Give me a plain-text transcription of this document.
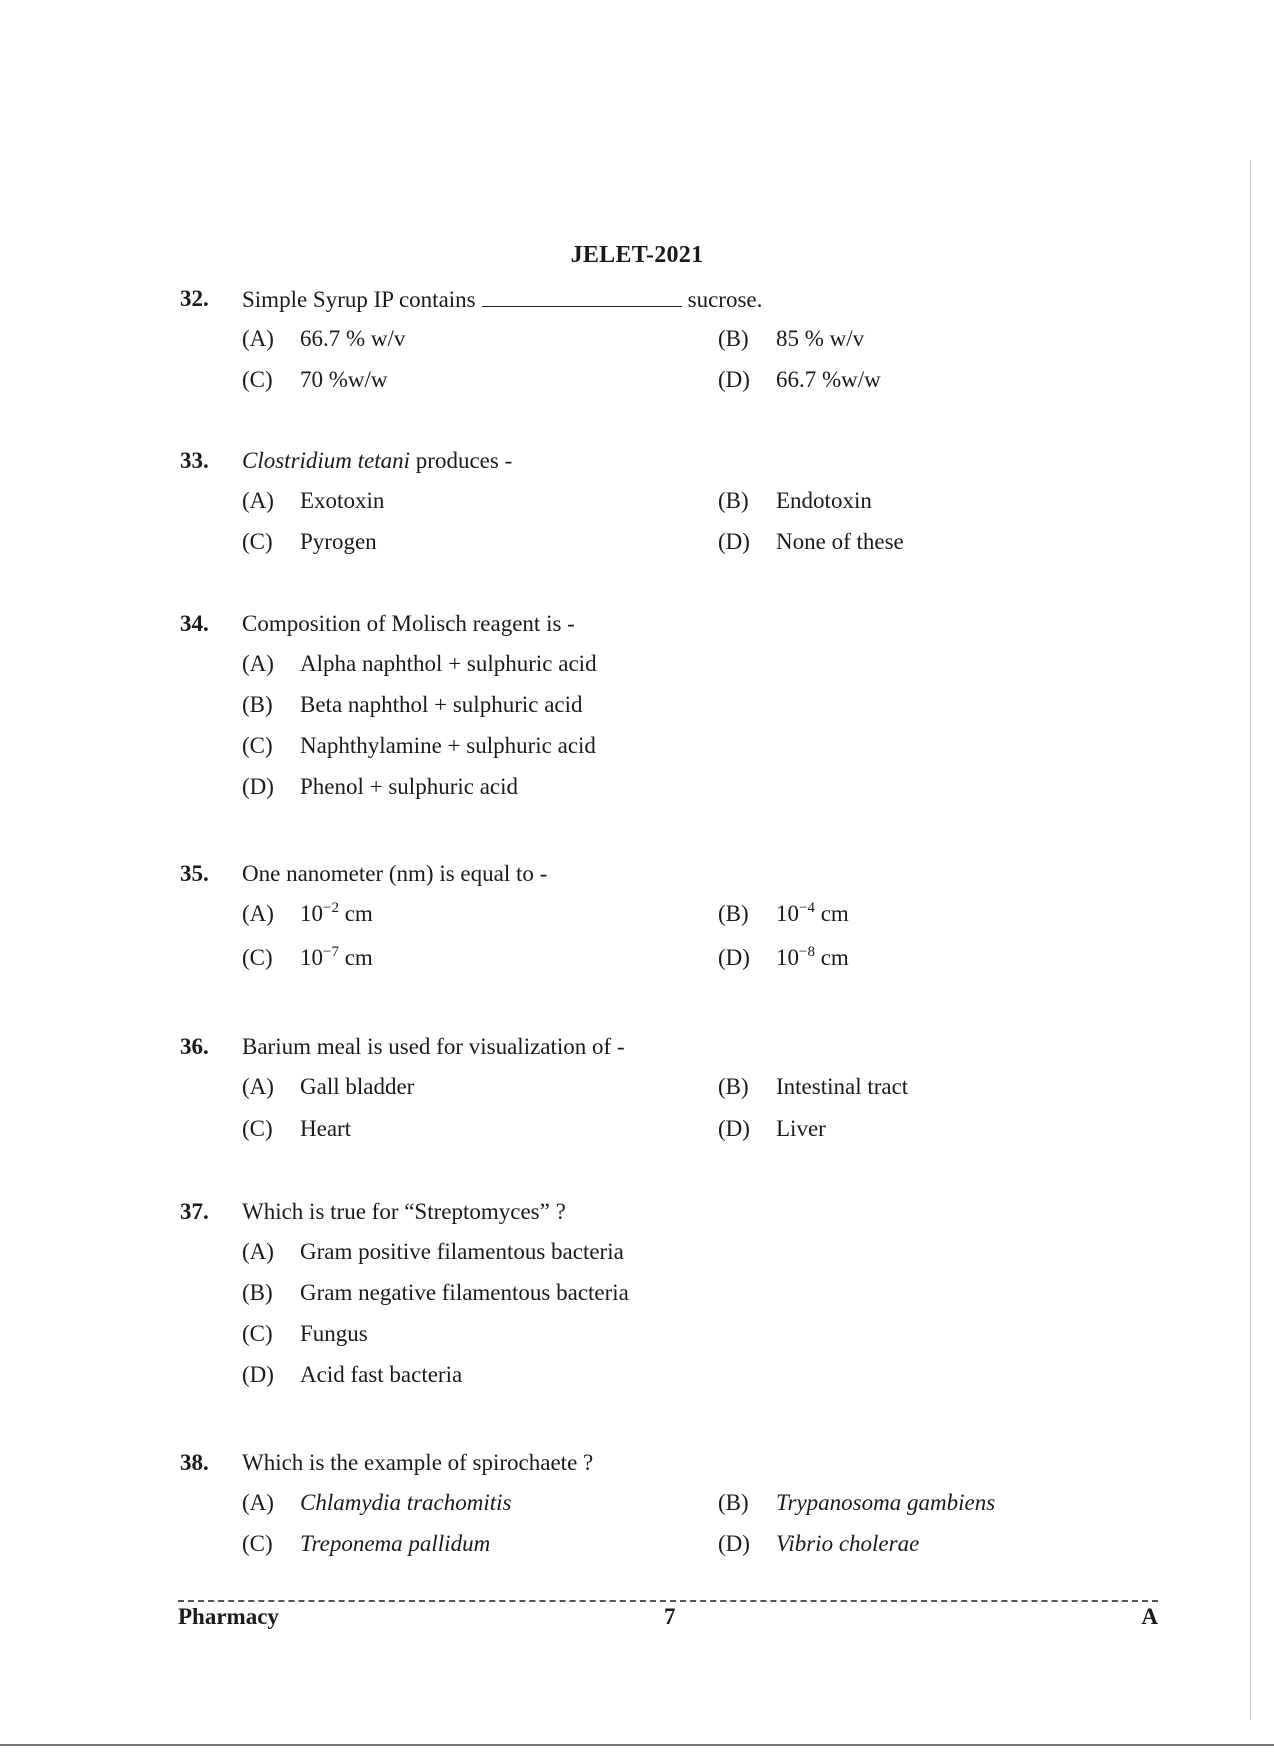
JELET-2021
32. Simple Syrup IP contains	sucrose.
(A) 66.7 % w/v	(B) 85 % w/v
(C) 70 %w/w	(D) 66.7 %w/w
33. Clostridium tetani produces -
(A) Exotoxin	(B) Endotoxin
(C) Pyrogen	(D) None of these
34. Composition of Molisch reagent is -
(A) Alpha naphthol + sulphuric acid
(B) Beta naphthol + sulphuric acid
(C) Naphthylamine + sulphuric acid
(D) Phenol + sulphuric acid
35. One nanometer (nm) is equal to -
(A) $10^{-2}$ cm	(B) $10^{-4}$ cm
(C) $10^{-7}$ cm	(D) $10^{-8}$ cm
36. Barium meal is used for visualization of -
(A) Gall bladder	(B) Intestinal tract
(C) Heart	(D) Liver
37. Which is true for “Streptomyces” ?
(A) Gram positive filamentous bacteria
(B) Gram negative filamentous bacteria
(C) Fungus
(D) Acid fast bacteria
38. Which is the example of spirochaete ?
(A) Chlamydia trachomitis	(B) Trypanosoma gambiens
(C) Treponema pallidum	(D) Vibrio cholerae
Pharmacy	7	A
